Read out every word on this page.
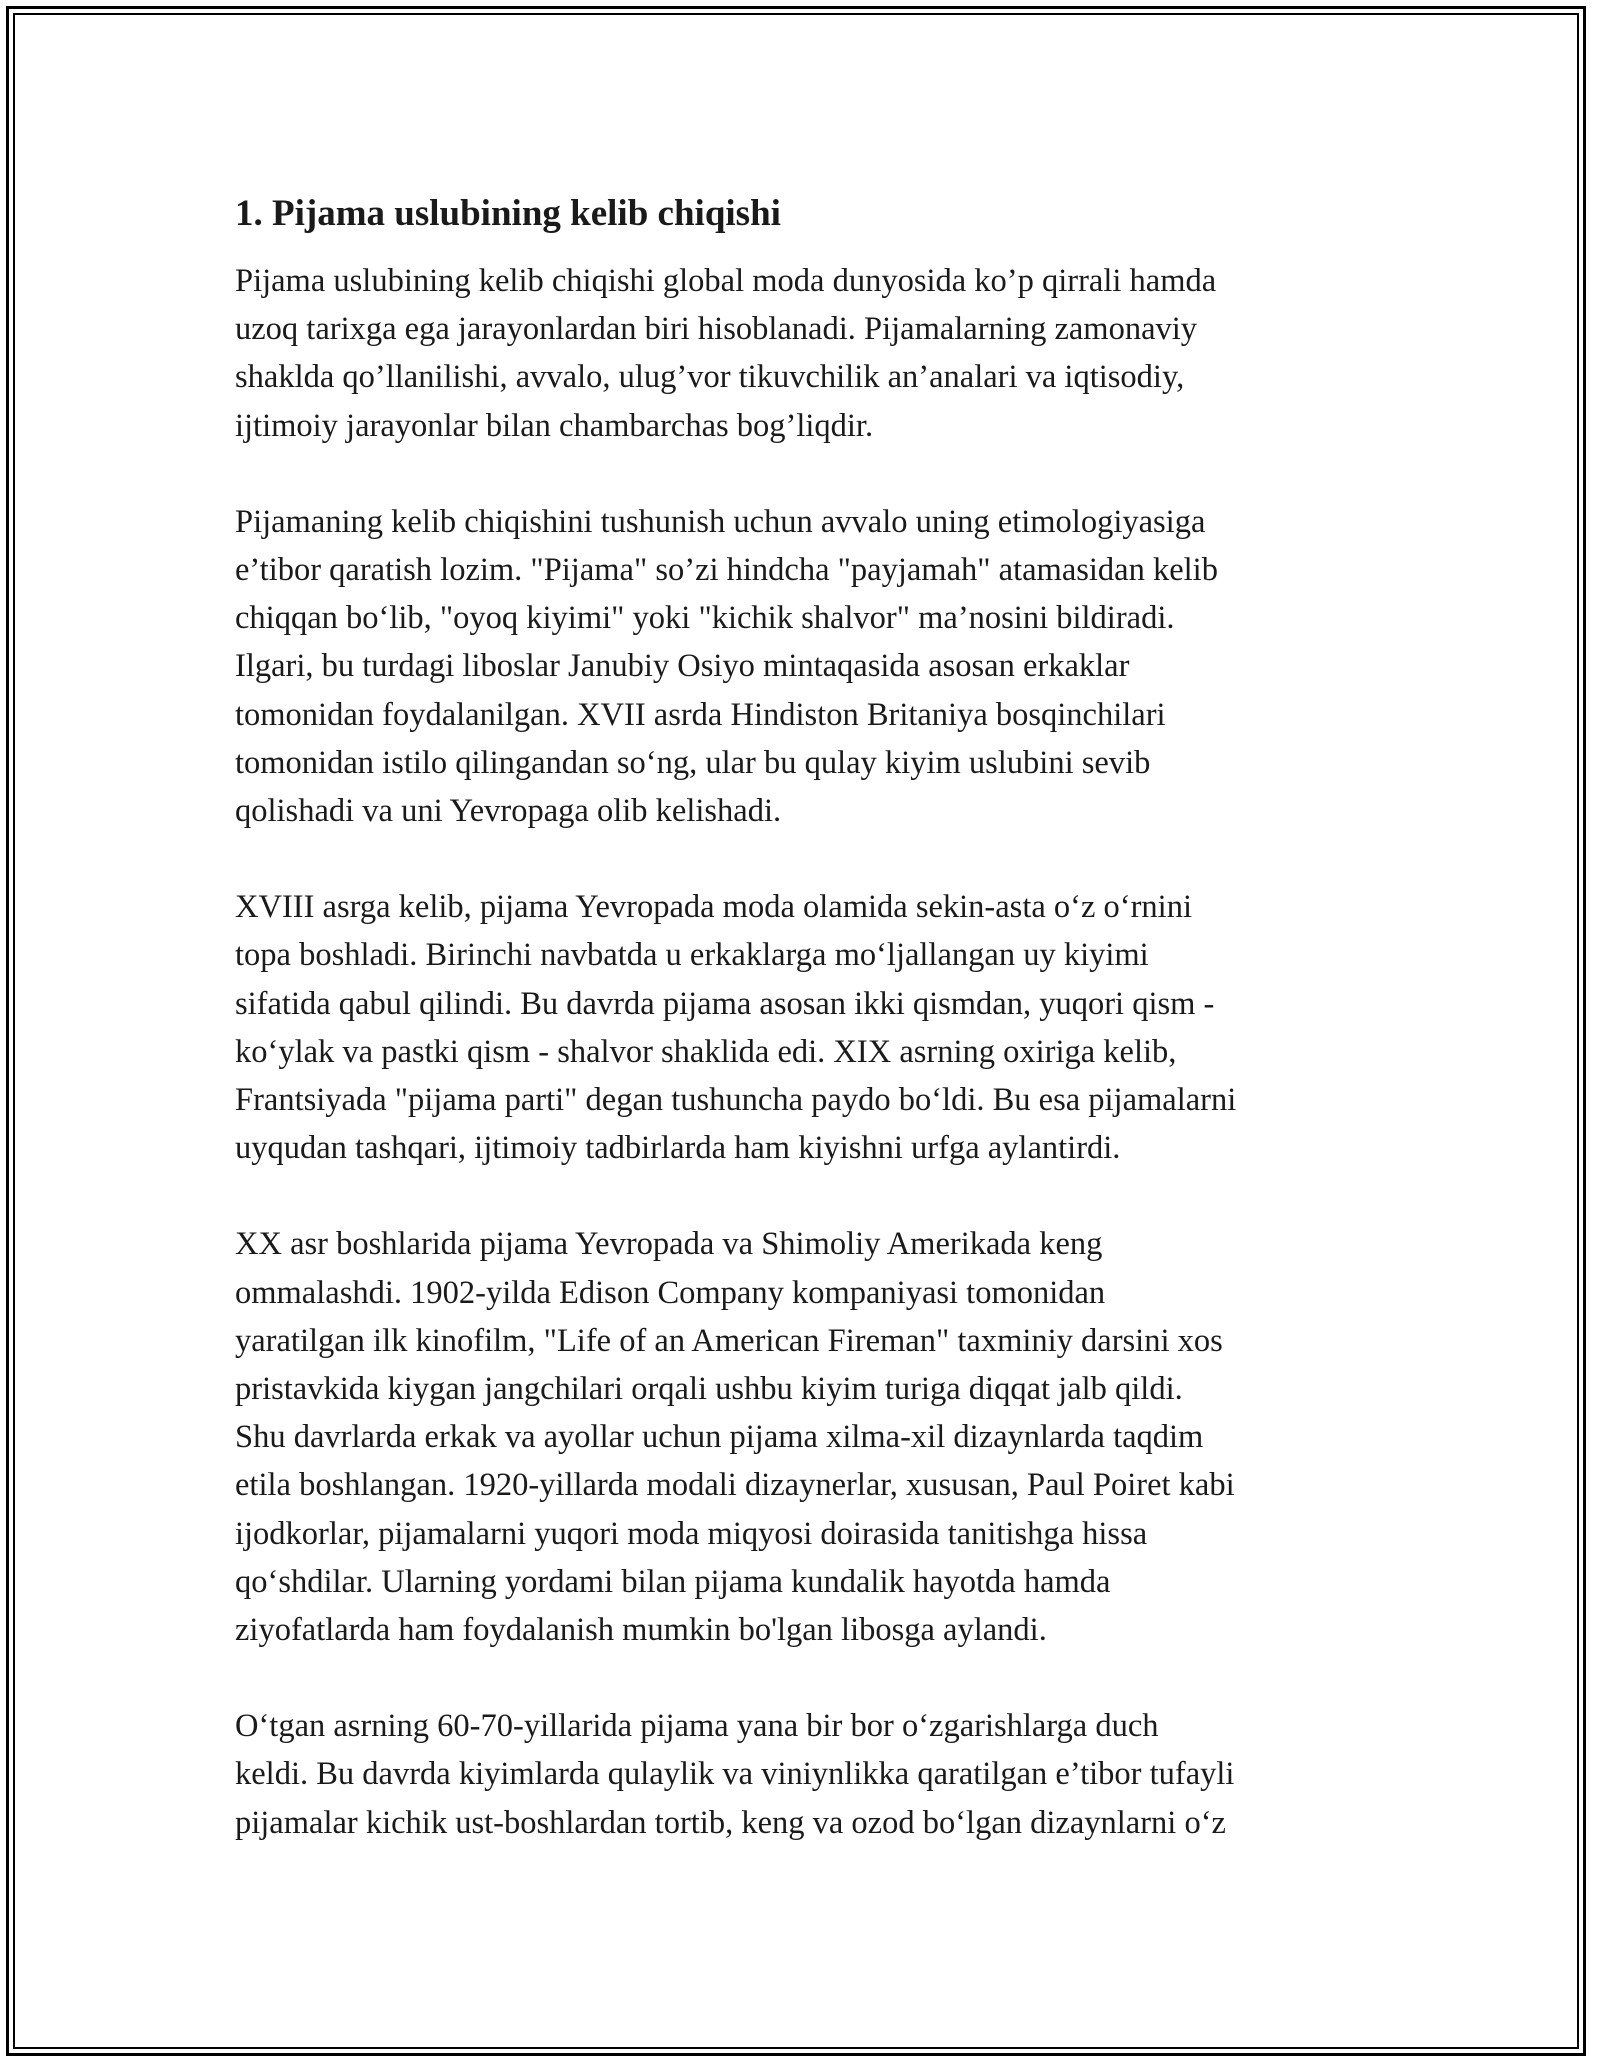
1. Pijama uslubining kelib chiqishi
Pijama uslubining kelib chiqishi global moda dunyosida ko’p qirrali hamda
uzoq tarixga ega jarayonlardan biri hisoblanadi. Pijamalarning zamonaviy
shaklda qo’llanilishi, avvalo, ulug’vor tikuvchilik an’analari va iqtisodiy,
ijtimoiy jarayonlar bilan chambarchas bog’liqdir.
Pijamaning kelib chiqishini tushunish uchun avvalo uning etimologiyasiga
e’tibor qaratish lozim. "Pijama" so’zi hindcha "payjamah" atamasidan kelib
chiqqan bo‘lib, "oyoq kiyimi" yoki "kichik shalvor" ma’nosini bildiradi.
Ilgari, bu turdagi liboslar Janubiy Osiyo mintaqasida asosan erkaklar
tomonidan foydalanilgan. XVII asrda Hindiston Britaniya bosqinchilari
tomonidan istilo qilingandan so‘ng, ular bu qulay kiyim uslubini sevib
qolishadi va uni Yevropaga olib kelishadi.
XVIII asrga kelib, pijama Yevropada moda olamida sekin-asta o‘z o‘rnini
topa boshladi. Birinchi navbatda u erkaklarga mo‘ljallangan uy kiyimi
sifatida qabul qilindi. Bu davrda pijama asosan ikki qismdan, yuqori qism -
ko‘ylak va pastki qism - shalvor shaklida edi. XIX asrning oxiriga kelib,
Frantsiyada "pijama parti" degan tushuncha paydo bo‘ldi. Bu esa pijamalarni
uyqudan tashqari, ijtimoiy tadbirlarda ham kiyishni urfga aylantirdi.
XX asr boshlarida pijama Yevropada va Shimoliy Amerikada keng
ommalashdi. 1902-yilda Edison Company kompaniyasi tomonidan
yaratilgan ilk kinofilm, "Life of an American Fireman" taxminiy darsini xos
pristavkida kiygan jangchilari orqali ushbu kiyim turiga diqqat jalb qildi.
Shu davrlarda erkak va ayollar uchun pijama xilma-xil dizaynlarda taqdim
etila boshlangan. 1920-yillarda modali dizaynerlar, xususan, Paul Poiret kabi
ijodkorlar, pijamalarni yuqori moda miqyosi doirasida tanitishga hissa
qo‘shdilar. Ularning yordami bilan pijama kundalik hayotda hamda
ziyofatlarda ham foydalanish mumkin bo'lgan libosga aylandi.
O‘tgan asrning 60-70-yillarida pijama yana bir bor o‘zgarishlarga duch
keldi. Bu davrda kiyimlarda qulaylik va viniynlikka qaratilgan e’tibor tufayli
pijamalar kichik ust-boshlardan tortib, keng va ozod bo‘lgan dizaynlarni o‘z
